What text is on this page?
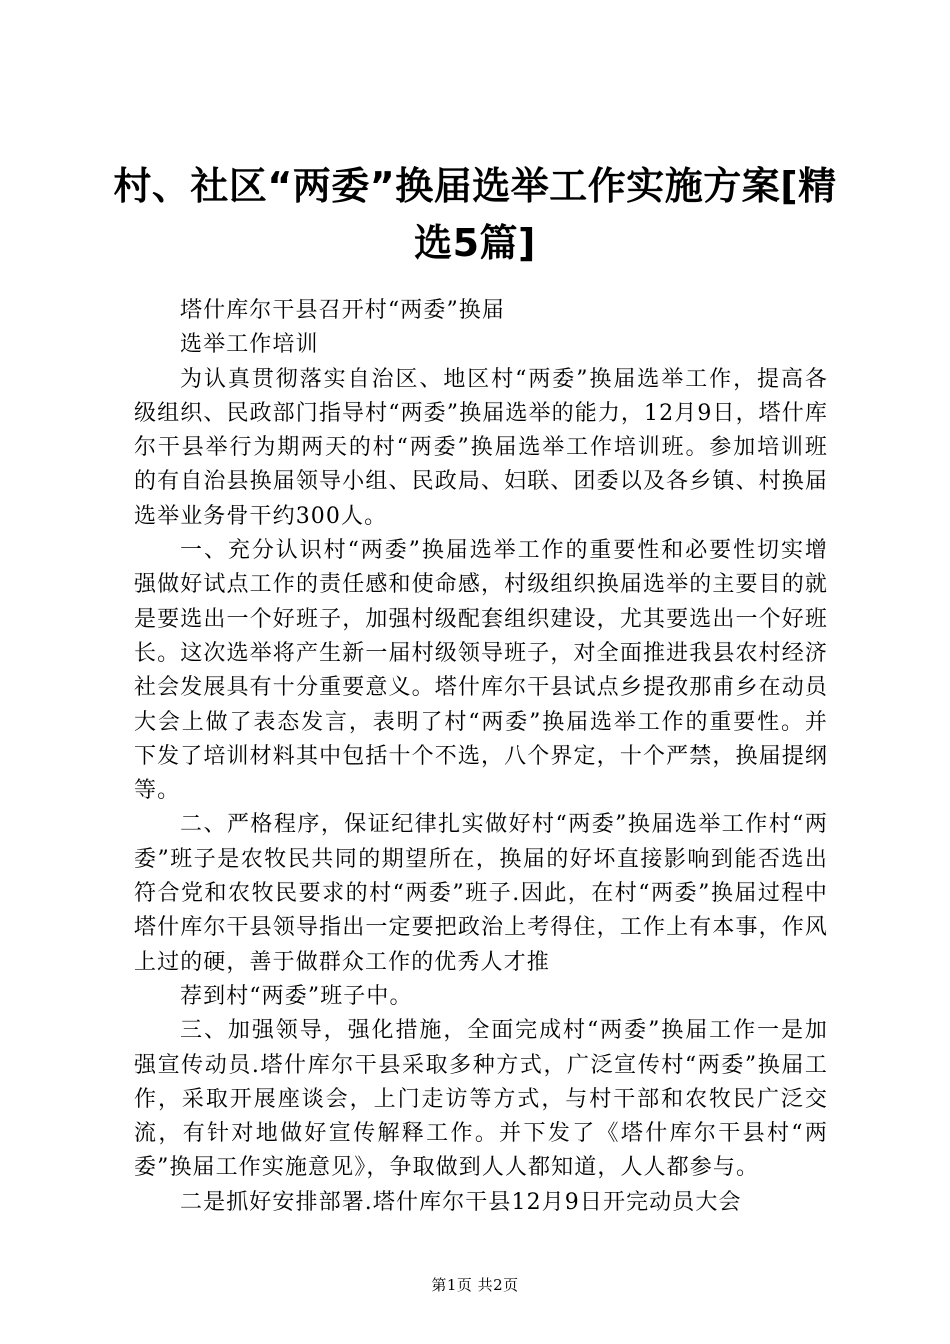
村、社区“两委”换届选举工作实施方案[精
选5篇]

塔什库尔干县召开村“两委”换届

选举工作培训

为认真贯彻落实自治区、地区村“两委”换届选举工作，提高各级组织、民政部门指导村“两委”换届选举的能力，12月9日，塔什库尔干县举行为期两天的村“两委”换届选举工作培训班。参加培训班的有自治县换届领导小组、民政局、妇联、团委以及各乡镇、村换届选举业务骨干约300人。

一、充分认识村“两委”换届选举工作的重要性和必要性切实增强做好试点工作的责任感和使命感，村级组织换届选举的主要目的就是要选出一个好班子，加强村级配套组织建设，尤其要选出一个好班长。这次选举将产生新一届村级领导班子，对全面推进我县农村经济社会发展具有十分重要意义。塔什库尔干县试点乡提孜那甫乡在动员大会上做了表态发言，表明了村“两委”换届选举工作的重要性。并下发了培训材料其中包括十个不选，八个界定，十个严禁，换届提纲等。

二、严格程序，保证纪律扎实做好村“两委”换届选举工作村“两委”班子是农牧民共同的期望所在，换届的好坏直接影响到能否选出符合党和农牧民要求的村“两委”班子.因此，在村“两委”换届过程中塔什库尔干县领导指出一定要把政治上考得住，工作上有本事，作风上过的硬，善于做群众工作的优秀人才推

荐到村“两委”班子中。

三、加强领导，强化措施，全面完成村“两委”换届工作一是加强宣传动员.塔什库尔干县采取多种方式，广泛宣传村“两委”换届工作，采取开展座谈会，上门走访等方式，与村干部和农牧民广泛交流，有针对地做好宣传解释工作。并下发了《塔什库尔干县村“两委”换届工作实施意见》，争取做到人人都知道，人人都参与。

二是抓好安排部署.塔什库尔干县12月9日开完动员大会

第1页 共2页
